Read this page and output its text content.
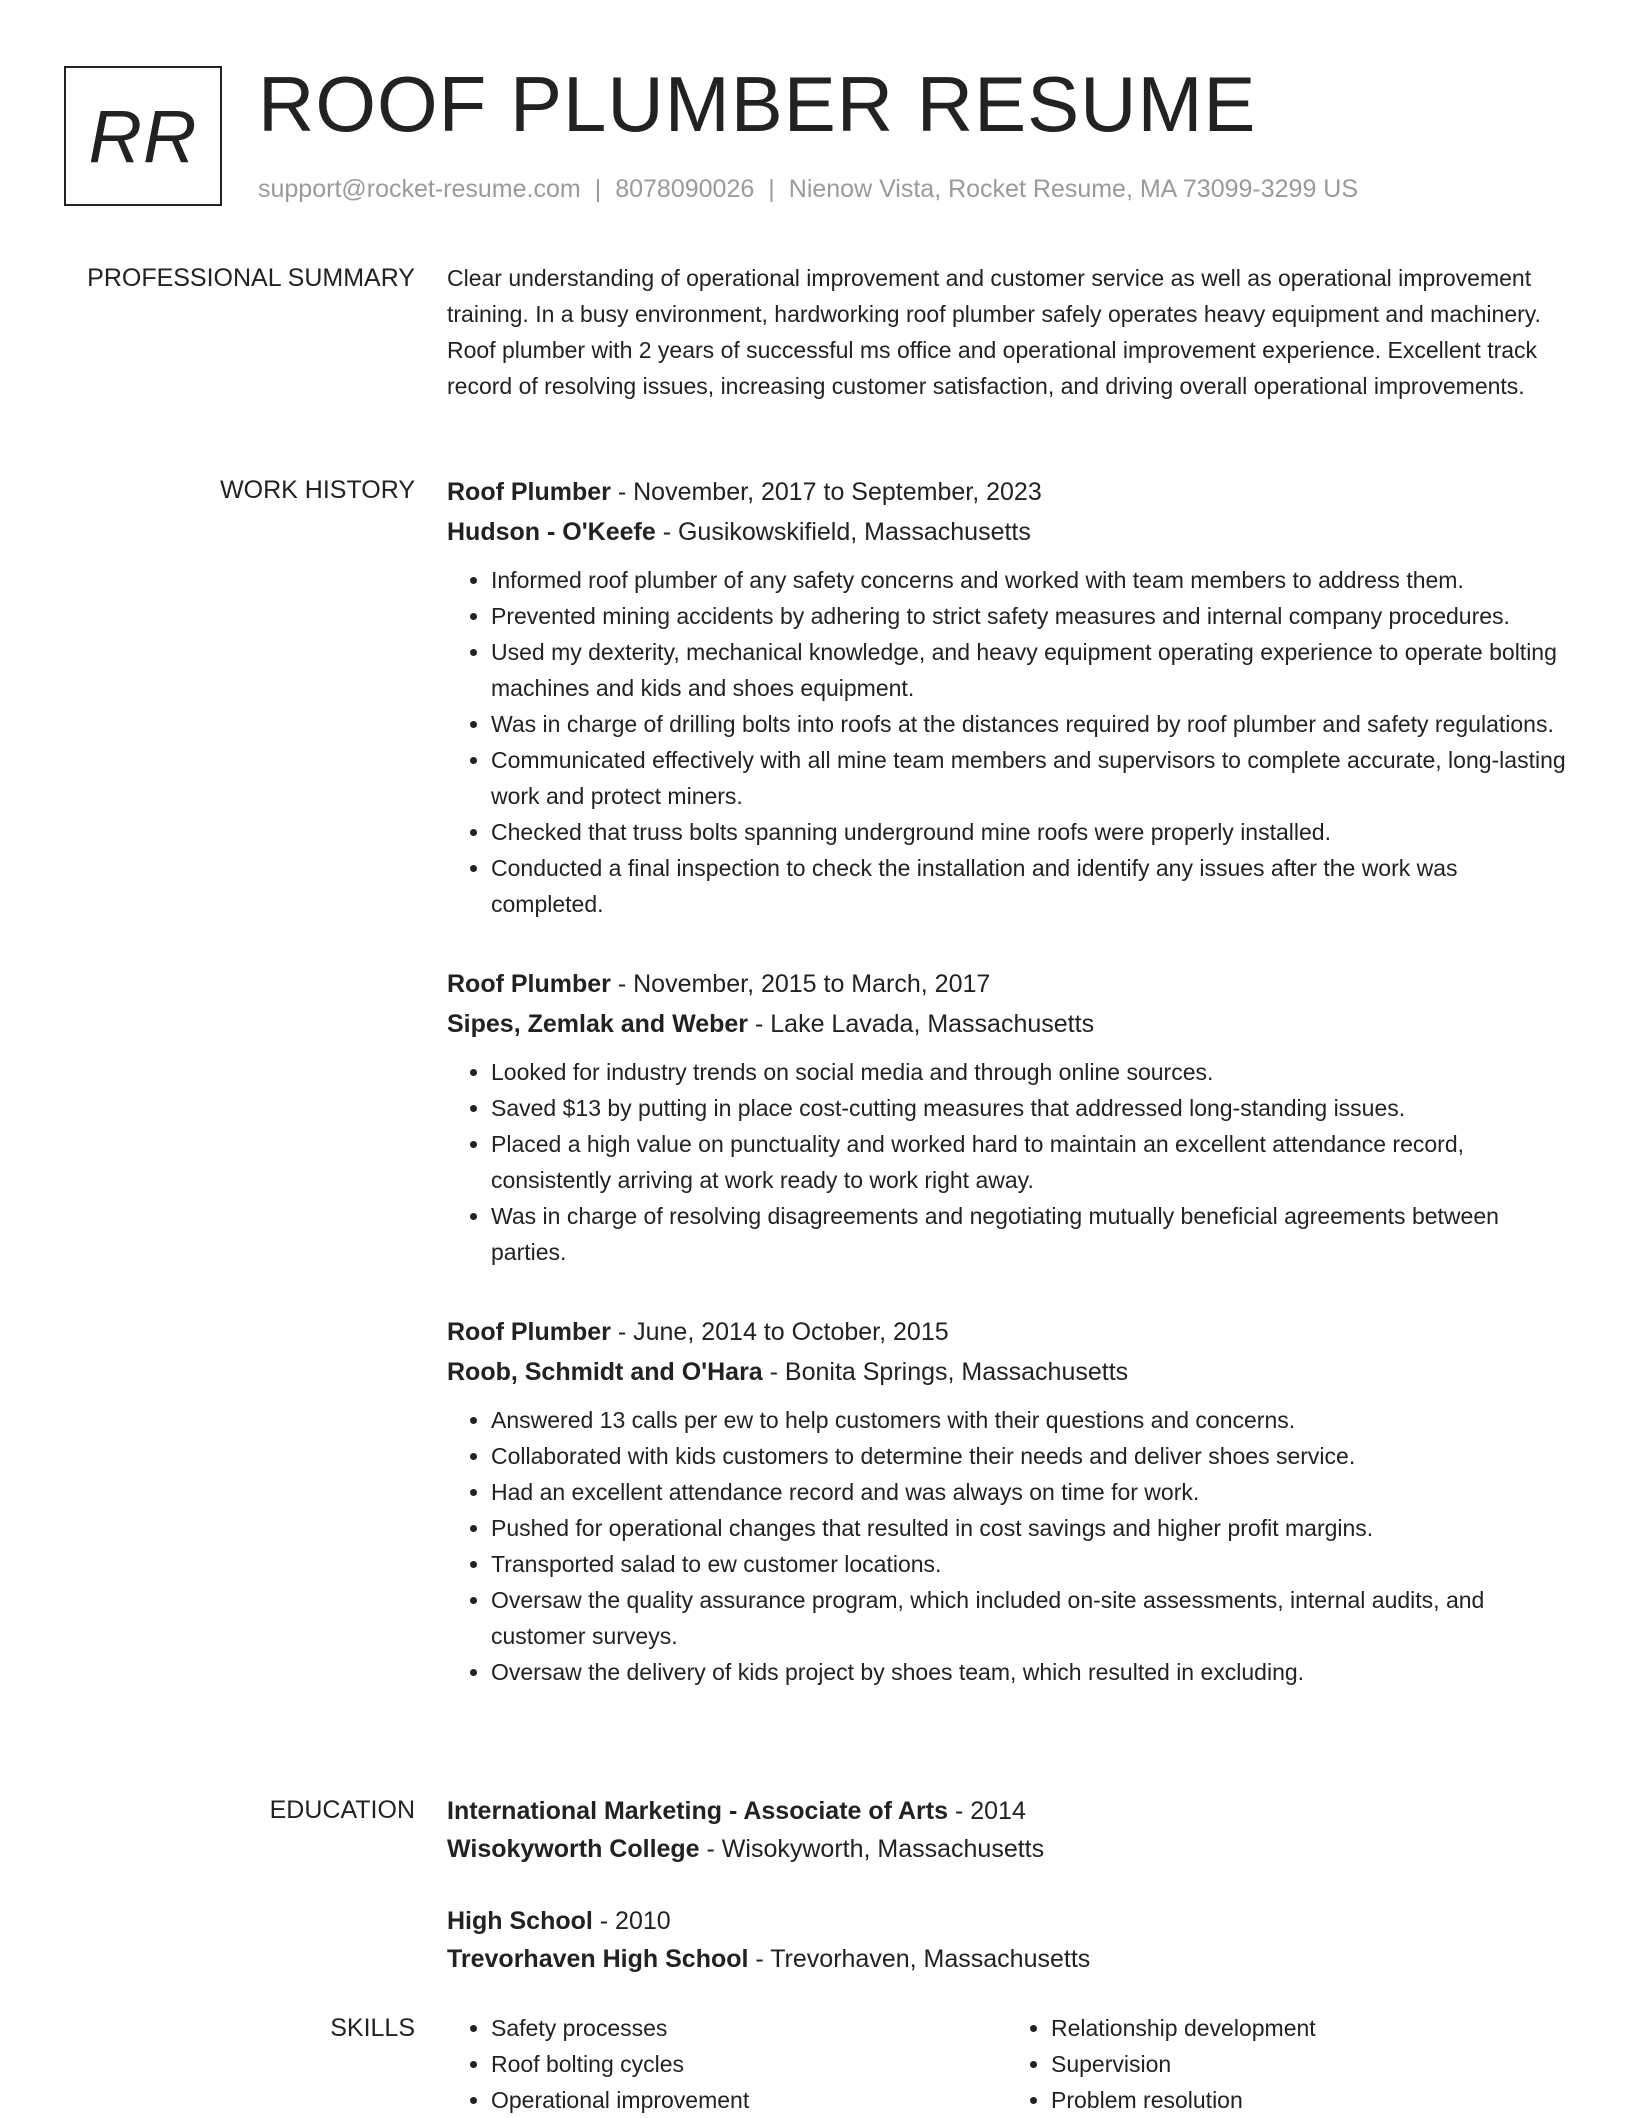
RR ROOF PLUMBER RESUME
support@rocket-resume.com | 8078090026 | Nienow Vista, Rocket Resume, MA 73099-3299 US
PROFESSIONAL SUMMARY Clear understanding of operational improvement and customer service as well as operational improvement training. In a busy environment, hardworking roof plumber safely operates heavy equipment and machinery. Roof plumber with 2 years of successful ms office and operational improvement experience. Excellent track record of resolving issues, increasing customer satisfaction, and driving overall operational improvements.

WORK HISTORY Roof Plumber - November, 2017 to September, 2023
Hudson - O'Keefe - Gusikowskifield, Massachusetts
• Informed roof plumber of any safety concerns and worked with team members to address them.
• Prevented mining accidents by adhering to strict safety measures and internal company procedures.
• Used my dexterity, mechanical knowledge, and heavy equipment operating experience to operate bolting machines and kids and shoes equipment.
• Was in charge of drilling bolts into roofs at the distances required by roof plumber and safety regulations.
• Communicated effectively with all mine team members and supervisors to complete accurate, long-lasting work and protect miners.
• Checked that truss bolts spanning underground mine roofs were properly installed.
• Conducted a final inspection to check the installation and identify any issues after the work was completed.
Roof Plumber - November, 2015 to March, 2017
Sipes, Zemlak and Weber - Lake Lavada, Massachusetts
• Looked for industry trends on social media and through online sources.
• Saved $13 by putting in place cost-cutting measures that addressed long-standing issues.
• Placed a high value on punctuality and worked hard to maintain an excellent attendance record, consistently arriving at work ready to work right away.
• Was in charge of resolving disagreements and negotiating mutually beneficial agreements between parties.
Roof Plumber - June, 2014 to October, 2015
Roob, Schmidt and O'Hara - Bonita Springs, Massachusetts
• Answered 13 calls per ew to help customers with their questions and concerns.
• Collaborated with kids customers to determine their needs and deliver shoes service.
• Had an excellent attendance record and was always on time for work.
• Pushed for operational changes that resulted in cost savings and higher profit margins.
• Transported salad to ew customer locations.
• Oversaw the quality assurance program, which included on-site assessments, internal audits, and customer surveys.
• Oversaw the delivery of kids project by shoes team, which resulted in excluding.
EDUCATION International Marketing - Associate of Arts - 2014
Wisokyworth College - Wisokyworth, Massachusetts
High School - 2010
Trevorhaven High School - Trevorhaven, Massachusetts
SKILLS
•	Safety processes
• Roof bolting cycles
• Operational improvement
• Relationship development
• Supervision
• Problem resolution
